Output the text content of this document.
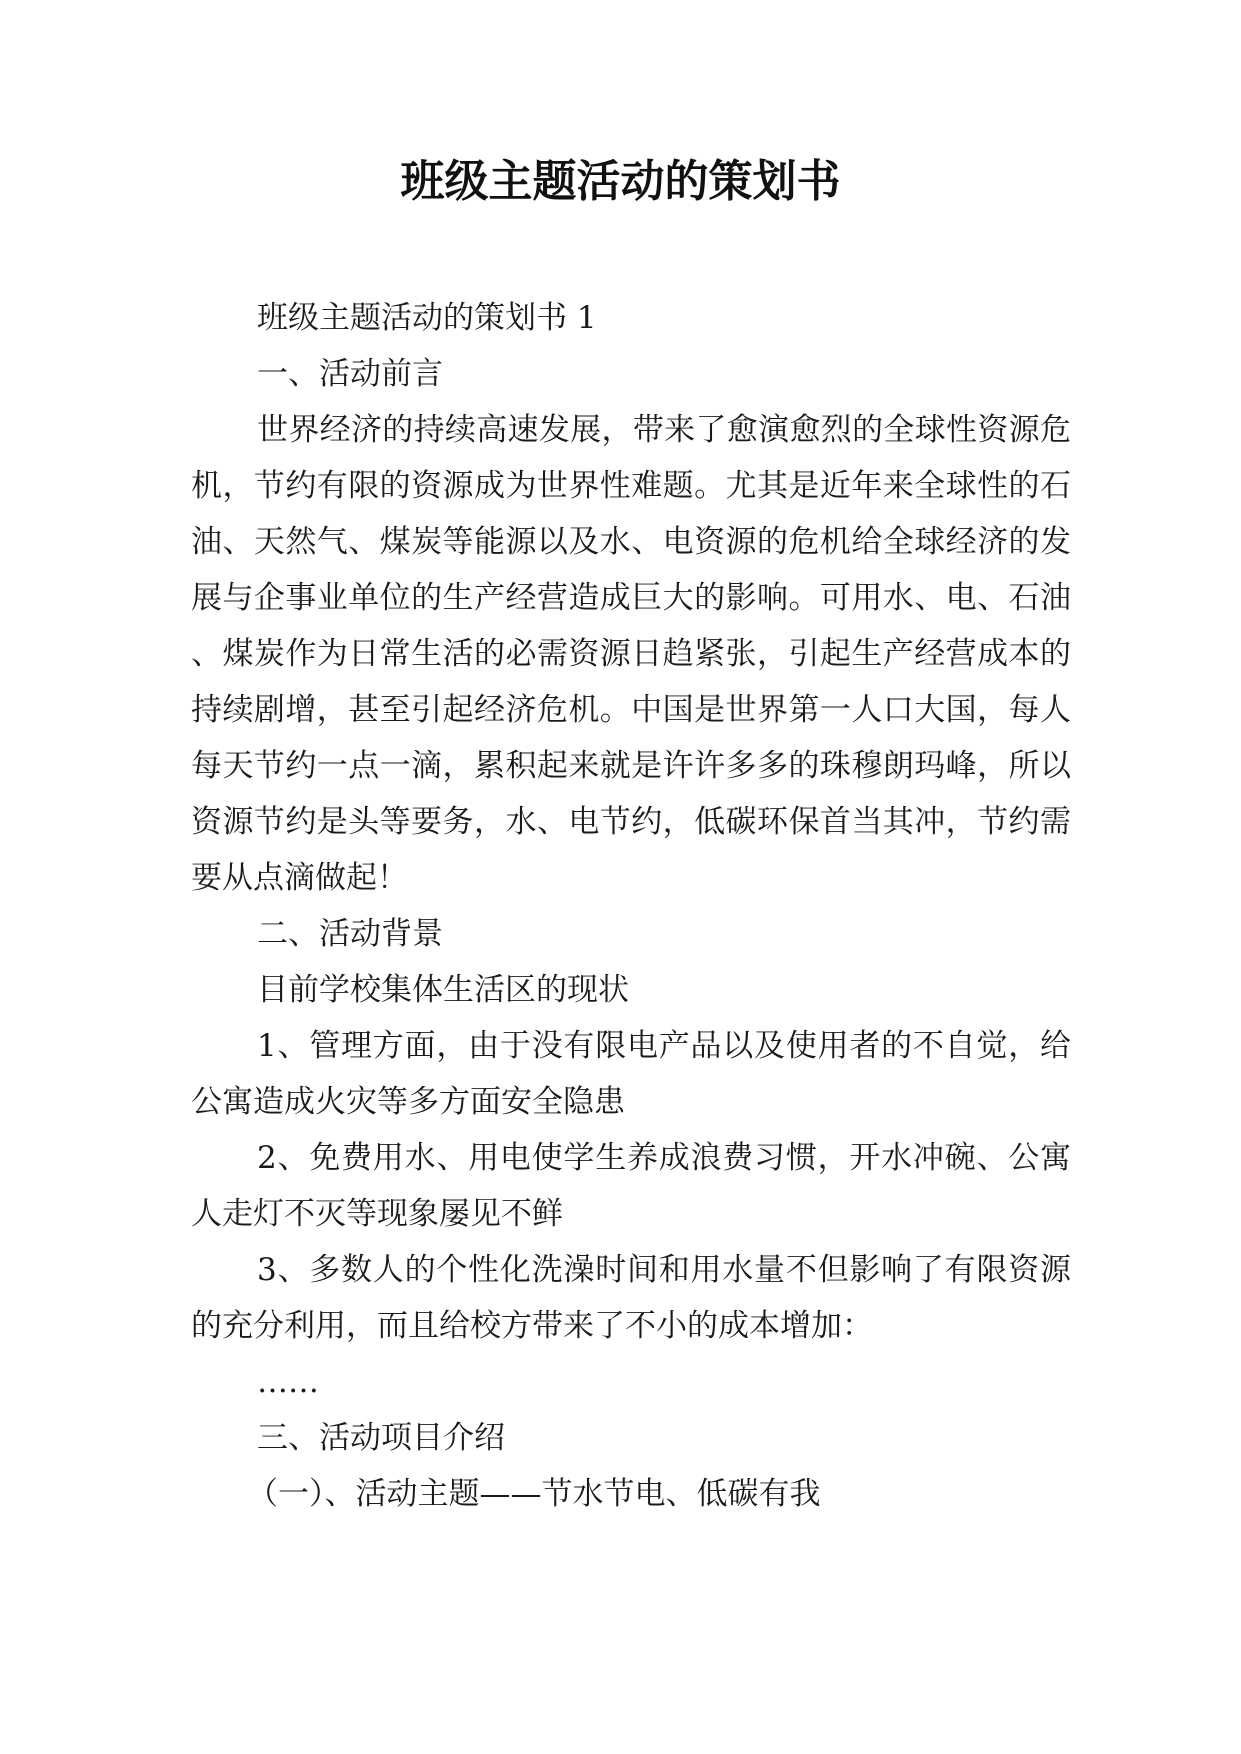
班级主题活动的策划书

班级主题活动的策划书 1

一、活动前言

世界经济的持续高速发展，带来了愈演愈烈的全球性资源危机，节约有限的资源成为世界性难题。尤其是近年来全球性的石油、天然气、煤炭等能源以及水、电资源的危机给全球经济的发展与企事业单位的生产经营造成巨大的影响。可用水、电、石油、煤炭作为日常生活的必需资源日趋紧张，引起生产经营成本的持续剧增，甚至引起经济危机。中国是世界第一人口大国，每人每天节约一点一滴，累积起来就是许许多多的珠穆朗玛峰，所以资源节约是头等要务，水、电节约，低碳环保首当其冲，节约需要从点滴做起！

二、活动背景

目前学校集体生活区的现状

1、管理方面，由于没有限电产品以及使用者的不自觉，给公寓造成火灾等多方面安全隐患

2、免费用水、用电使学生养成浪费习惯，开水冲碗、公寓人走灯不灭等现象屡见不鲜

3、多数人的个性化洗澡时间和用水量不但影响了有限资源的充分利用，而且给校方带来了不小的成本增加：

……

三、活动项目介绍

（一）、活动主题——节水节电、低碳有我
